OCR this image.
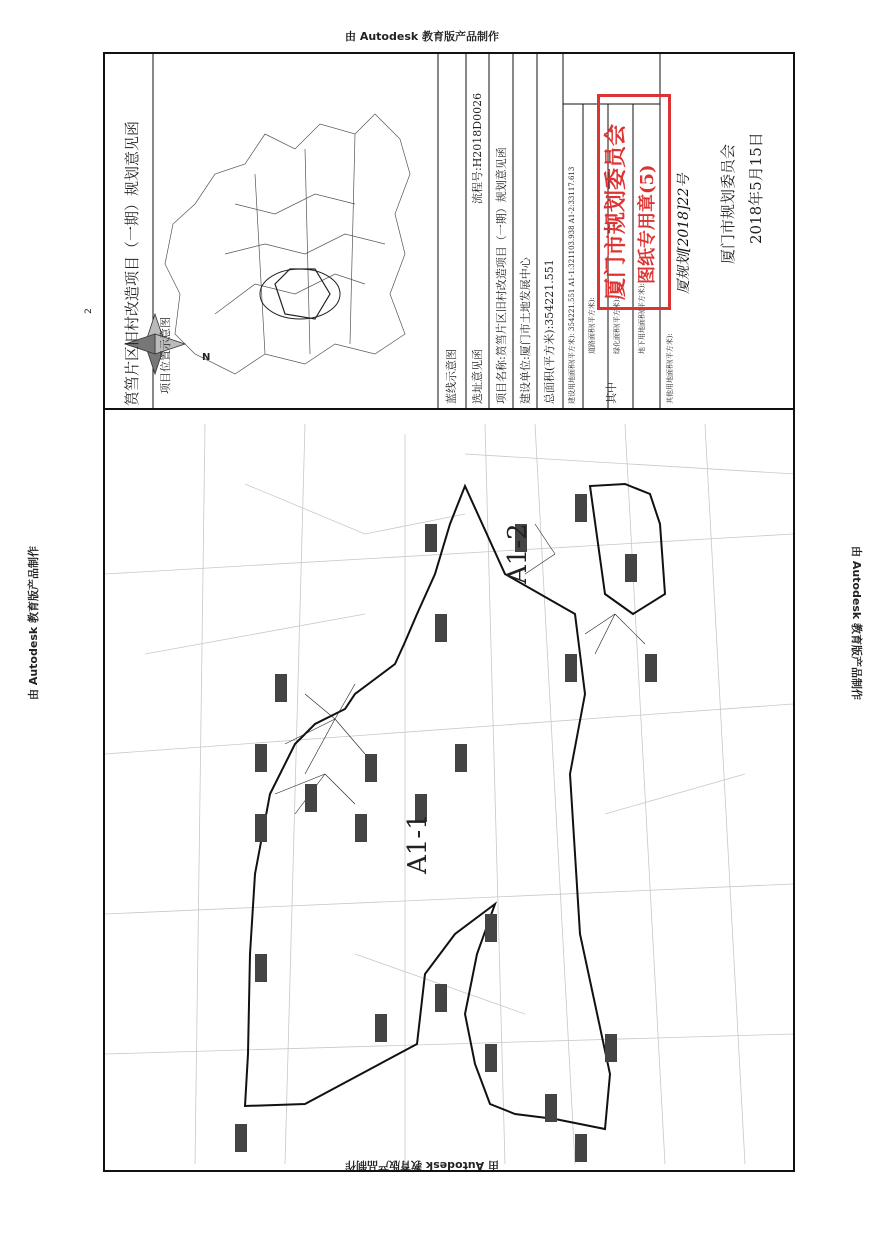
由 Autodesk 教育版产品制作
由 Autodesk 教育版产品制作
由 Autodesk 教育版产品制作	由 Autodesk 教育版产品制作
2 筼筜片区旧村改造项目（一期）规划意见函 项目位置示意图	N	蓝线示意图 选址意见函
流程号:H2018D0026 项目名称:筼筜片区旧村改造项目（一期）规划意见函 建设单位:厦门市土地发展中心 总面积(平方米):354221.551 建设用地面积(平方米): 354221.551 A1-1:321103.938 A1-2:33117.613	其中
道路面积(平方米): 绿化面积(平方米): 地下用地面积(平方米):
其他用地面积(平方米):
厦门市规划委员会 图纸专用章(5) 厦规划[2018]22号 厦门市规划委员会 2018年5月15日
A1-1
A1-2
